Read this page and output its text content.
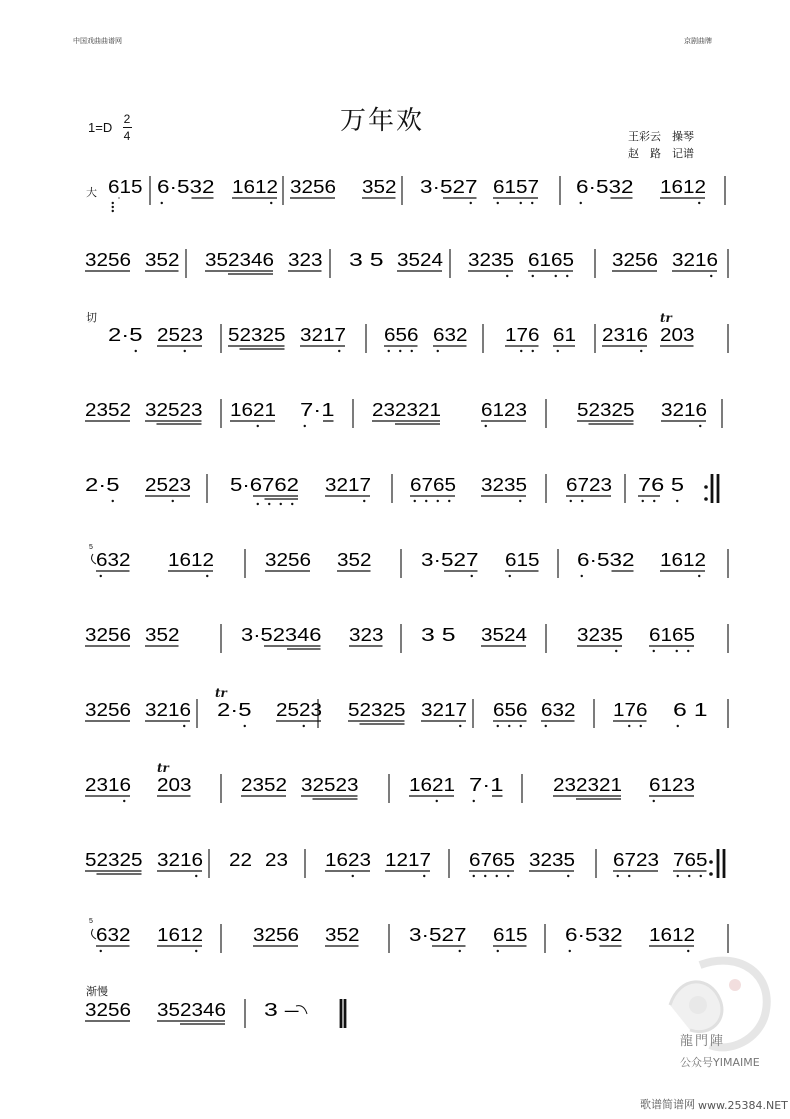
中国戏曲曲谱网	京剧曲牌
万年欢
1=D
2
4	王彩云　操琴
赵　路　记谱
大
切
渐慢
5
5
tr
tr
tr
615 6·532 1612 3256 352 3·527 6157 6·532 1612
3256 352 352346 323 3 5 3524 3235 6165 3256 3216
2·5 2523 52325 3217 656 632 176 61 2316 203
2352 32523 1621 7·1 232321 6123	52325 3216
2·5 2523 5·6762 3217 6765 3235 6723 76 5
632 1612	3256 352	3·527 615 6·532 1612
3256 352	3·52346 323 3 5 3524	3235 6165
3256 3216 2·5 2523 52325 3217 656 632 176 6 1
2316 203	2352 32523	1621 7·1	232321 6123
52325 3216 22 23 1623 1217 6765 3235 6723 765
632 1612	3256 352	3·527 615 6·532 1612
3256 352346 3 –
龍門陣
公众号YIMAIME
歌谱简谱网 www.25384.NET
